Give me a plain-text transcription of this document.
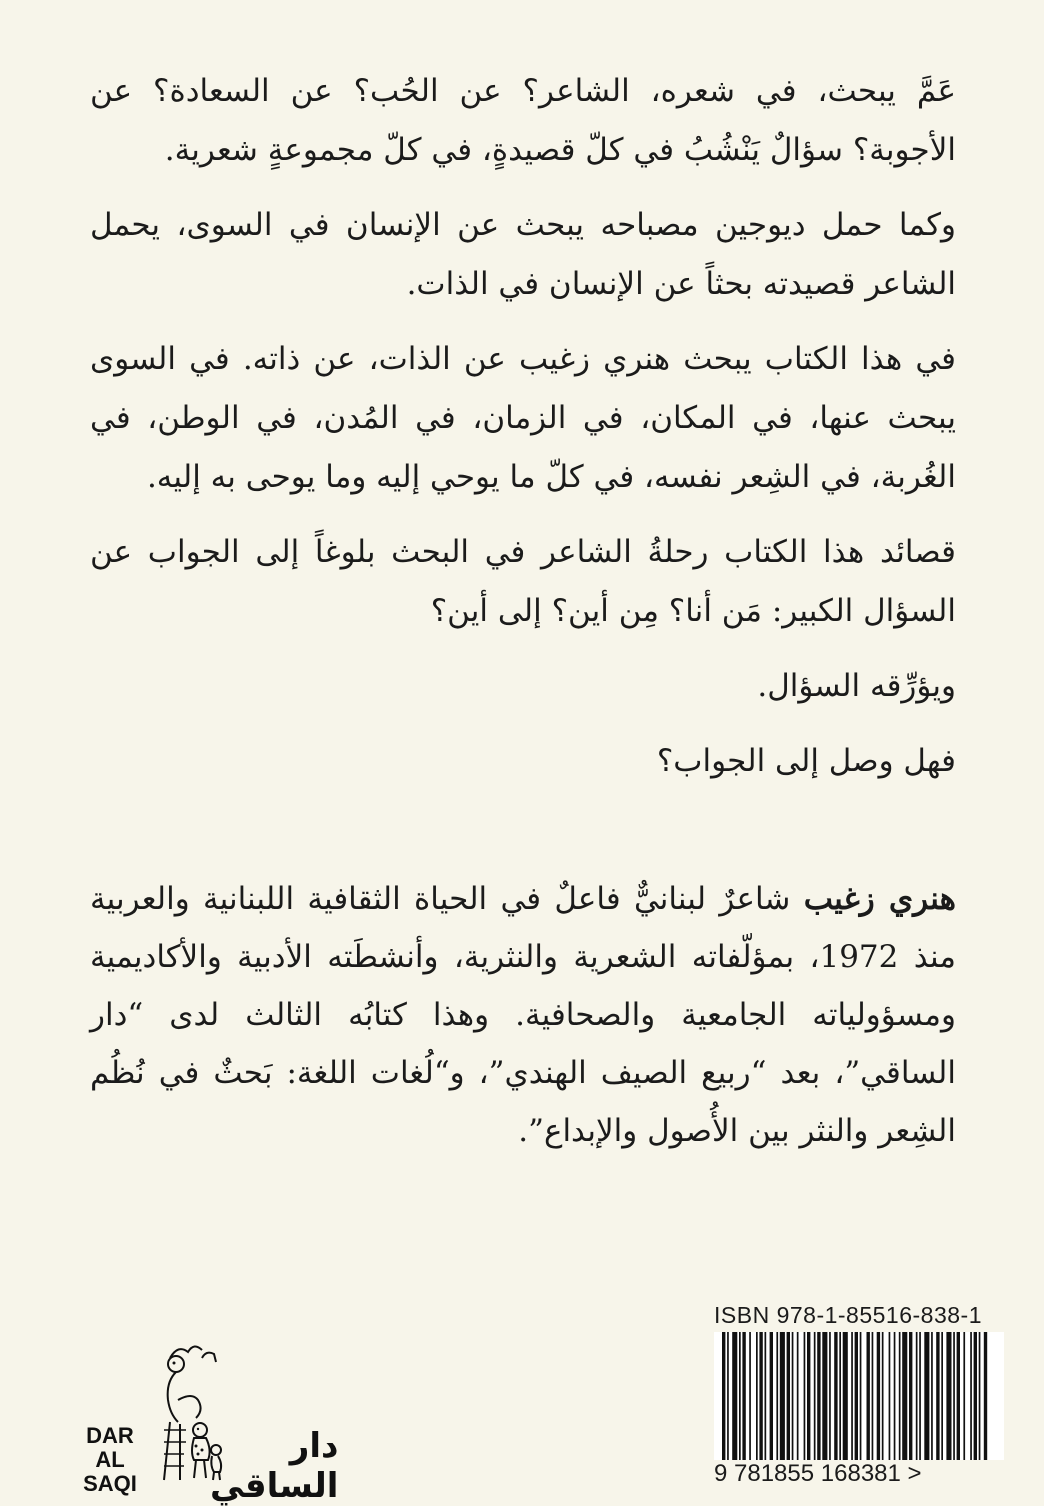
عَمَّ يبحث، في شعره، الشاعر؟ عن الحُب؟ عن السعادة؟ عن الأجوبة؟ سؤالٌ يَنْشُبُ في كلّ قصيدةٍ، في كلّ مجموعةٍ شعرية.

وكما حمل ديوجين مصباحه يبحث عن الإنسان في السوى، يحمل الشاعر قصيدته بحثاً عن الإنسان في الذات.

في هذا الكتاب يبحث هنري زغيب عن الذات، عن ذاته. في السوى يبحث عنها، في المكان، في الزمان، في المُدن، في الوطن، في الغُربة، في الشِعر نفسه، في كلّ ما يوحي إليه وما يوحى به إليه.

قصائد هذا الكتاب رحلةُ الشاعر في البحث بلوغاً إلى الجواب عن السؤال الكبير: مَن أنا؟ مِن أين؟ إلى أين؟

ويؤرِّقه السؤال.

فهل وصل إلى الجواب؟

هنري زغيب شاعرٌ لبنانيٌّ فاعلٌ في الحياة الثقافية اللبنانية والعربية منذ 1972، بمؤلّفاته الشعرية والنثرية، وأنشطَته الأدبية والأكاديمية ومسؤولياته الجامعية والصحافية. وهذا كتابُه الثالث لدى “دار الساقي”، بعد “ربيع الصيف الهندي”، و“لُغات اللغة: بَحثٌ في نُظُم الشِعر والنثر بين الأُصول والإبداع”.

ISBN 978-1-85516-838-1
9 781855 168381 >
DAR
AL SAQI
دار الساقي
